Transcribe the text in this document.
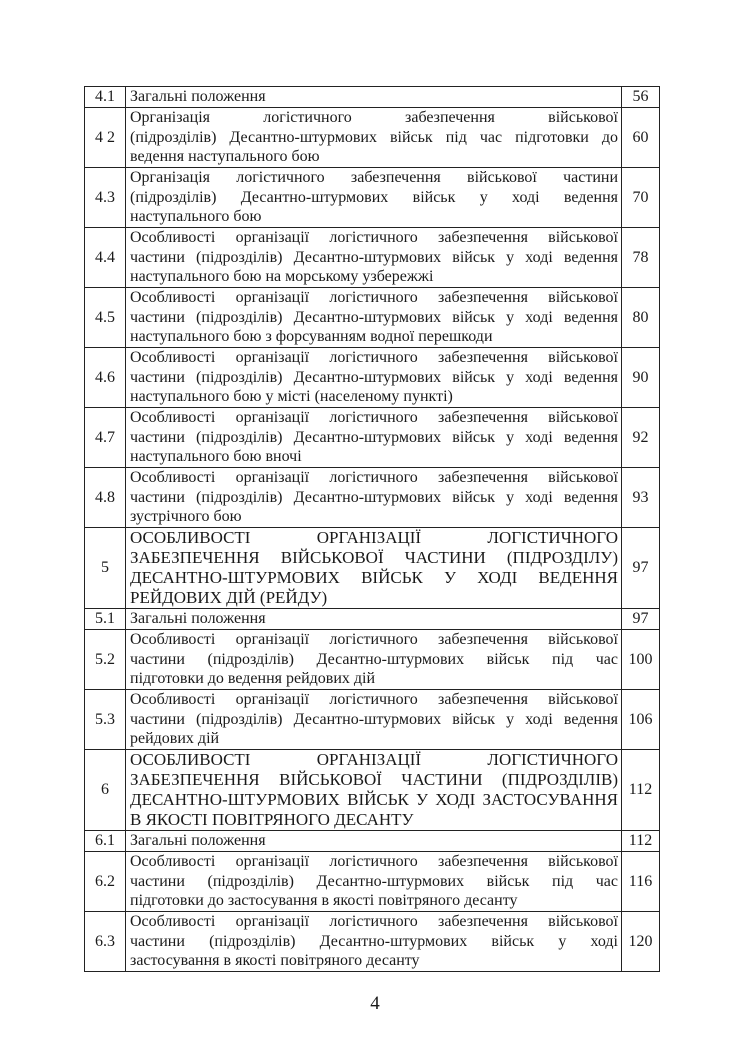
4.1	Загальні положення	56
4 2	Організація логістичного забезпечення військової
(підрозділів) Десантно-штурмових військ під час підготовки до
ведення наступального бою	60
4.3	Організація логістичного забезпечення військової частини
(підрозділів) Десантно-штурмових військ у ході ведення
наступального бою	70
4.4	Особливості організації логістичного забезпечення військової
частини (підрозділів) Десантно-штурмових військ у ході ведення
наступального бою на морському узбережжі	78
4.5	Особливості організації логістичного забезпечення військової
частини (підрозділів) Десантно-штурмових військ у ході ведення
наступального бою з форсуванням водної перешкоди	80
4.6	Особливості організації логістичного забезпечення військової
частини (підрозділів) Десантно-штурмових військ у ході ведення
наступального бою у місті (населеному пункті)	90
4.7	Особливості організації логістичного забезпечення військової
частини (підрозділів) Десантно-штурмових військ у ході ведення
наступального бою вночі	92
4.8	Особливості організації логістичного забезпечення військової
частини (підрозділів) Десантно-штурмових військ у ході ведення
зустрічного бою	93
5	ОСОБЛИВОСТІ ОРГАНІЗАЦІЇ ЛОГІСТИЧНОГО
ЗАБЕЗПЕЧЕННЯ ВІЙСЬКОВОЇ ЧАСТИНИ (ПІДРОЗДІЛУ)
ДЕСАНТНО-ШТУРМОВИХ ВІЙСЬК У ХОДІ ВЕДЕННЯ
РЕЙДОВИХ ДІЙ (РЕЙДУ)	97
5.1	Загальні положення	97
5.2	Особливості організації логістичного забезпечення військової
частини (підрозділів) Десантно-штурмових військ під час
підготовки до ведення рейдових дій	100
5.3	Особливості організації логістичного забезпечення військової
частини (підрозділів) Десантно-штурмових військ у ході ведення
рейдових дій	106
6	ОСОБЛИВОСТІ ОРГАНІЗАЦІЇ ЛОГІСТИЧНОГО
ЗАБЕЗПЕЧЕННЯ ВІЙСЬКОВОЇ ЧАСТИНИ (ПІДРОЗДІЛІВ)
ДЕСАНТНО-ШТУРМОВИХ ВІЙСЬК У ХОДІ ЗАСТОСУВАННЯ
В ЯКОСТІ ПОВІТРЯНОГО ДЕСАНТУ	112
6.1	Загальні положення	112
6.2	Особливості організації логістичного забезпечення військової
частини (підрозділів) Десантно-штурмових військ під час
підготовки до застосування в якості повітряного десанту	116
6.3	Особливості організації логістичного забезпечення військової
частини (підрозділів) Десантно-штурмових військ у ході
застосування в якості повітряного десанту	120
4
